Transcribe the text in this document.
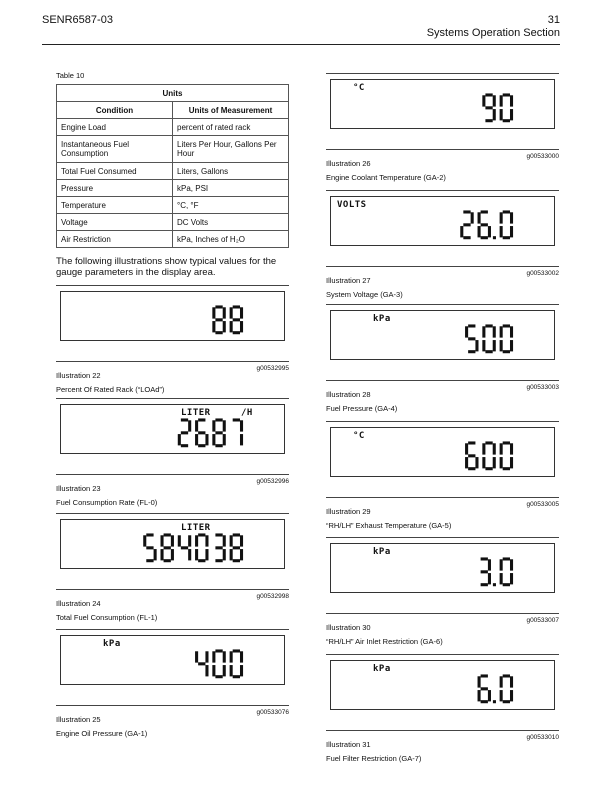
SENR6587-03	31
Systems Operation Section
Table 10
Units	
Condition	Units of Measurement
Engine Load	percent of rated rack
Instantaneous Fuel Consumption	Liters Per Hour, Gallons Per Hour
Total Fuel Consumed	Liters, Gallons
Pressure	kPa, PSI
Temperature	°C, °F
Voltage	DC Volts
Air Restriction	kPa, Inches of H₂O
The following illustrations show typical values for the gauge parameters in the display area.
g00532995
Illustration 22
Percent Of Rated Rack (“LOAd”)
LITER	/H
g00532996
Illustration 23
Fuel Consumption Rate (FL-0)
LITER
g00532998
Illustration 24
Total Fuel Consumption (FL-1)
kPa
g00533076
Illustration 25
Engine Oil Pressure (GA-1)
°C
g00533000
Illustration 26
Engine Coolant Temperature (GA-2)
VOLTS
g00533002
Illustration 27
System Voltage (GA-3)
kPa
g00533003
Illustration 28
Fuel Pressure (GA-4)
°C
g00533005
Illustration 29
“RH/LH” Exhaust Temperature (GA-5)
kPa
g00533007
Illustration 30
“RH/LH” Air Inlet Restriction (GA-6)
kPa
g00533010
Illustration 31
Fuel Filter Restriction (GA-7)
